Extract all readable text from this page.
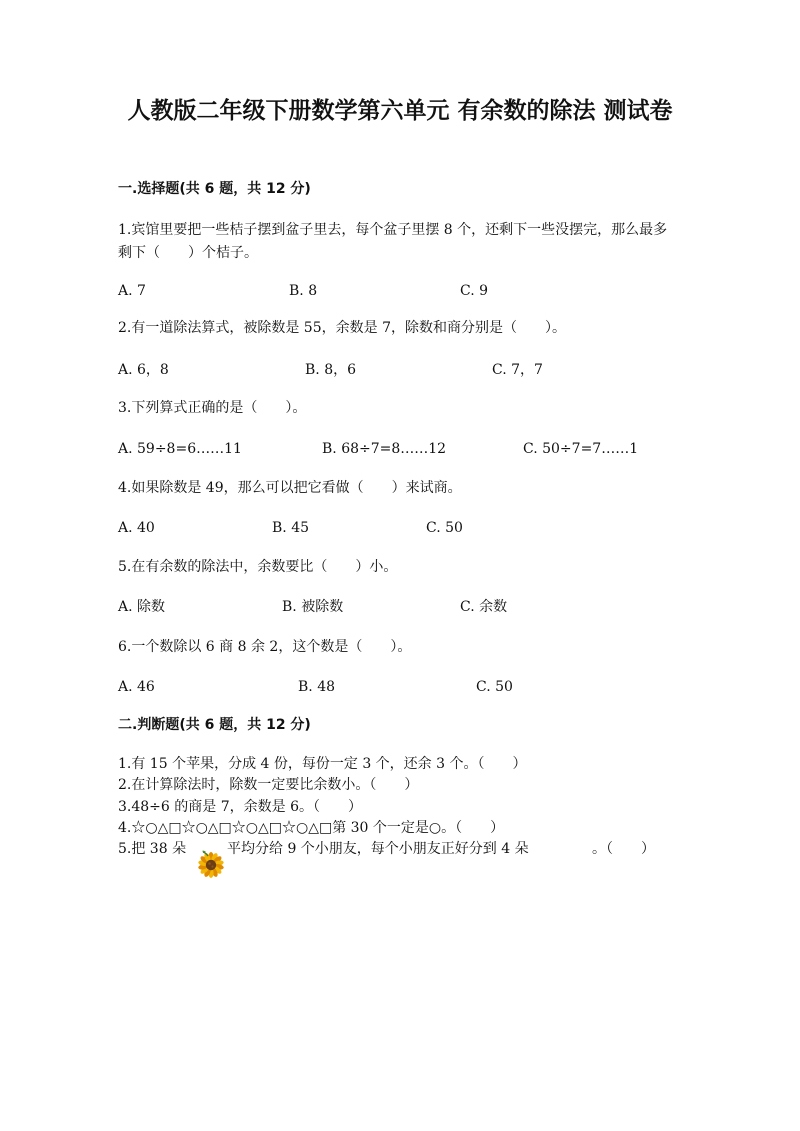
人教版二年级下册数学第六单元 有余数的除法 测试卷
一.选择题(共 6 题，共 12 分)
1.宾馆里要把一些桔子摆到盆子里去，每个盆子里摆 8 个，还剩下一些没摆完，那么最多剩下（　　）个桔子。
A. 7	B. 8	C. 9
2.有一道除法算式，被除数是 55，余数是 7，除数和商分别是（　　）。
A. 6，8	B. 8，6	C. 7，7
3.下列算式正确的是（　　）。
A. 59÷8=6……11	B. 68÷7=8……12	C. 50÷7=7……1
4.如果除数是 49，那么可以把它看做（　　）来试商。
A. 40	B. 45	C. 50
5.在有余数的除法中，余数要比（　　）小。
A. 除数	B. 被除数	C. 余数
6.一个数除以 6 商 8 余 2，这个数是（　　）。
A. 46	B. 48	C. 50
二.判断题(共 6 题，共 12 分)
1.有 15 个苹果，分成 4 份，每份一定 3 个，还余 3 个。（　　）
2.在计算除法时，除数一定要比余数小。（　　）
3.48÷6 的商是 7，余数是 6。（　　）
4.☆○△□☆○△□☆○△□☆○△□第 30 个一定是○。（　　）
5.把 38 朵	平均分给 9 个小朋友，每个小朋友正好分到 4 朵	。（　　）
